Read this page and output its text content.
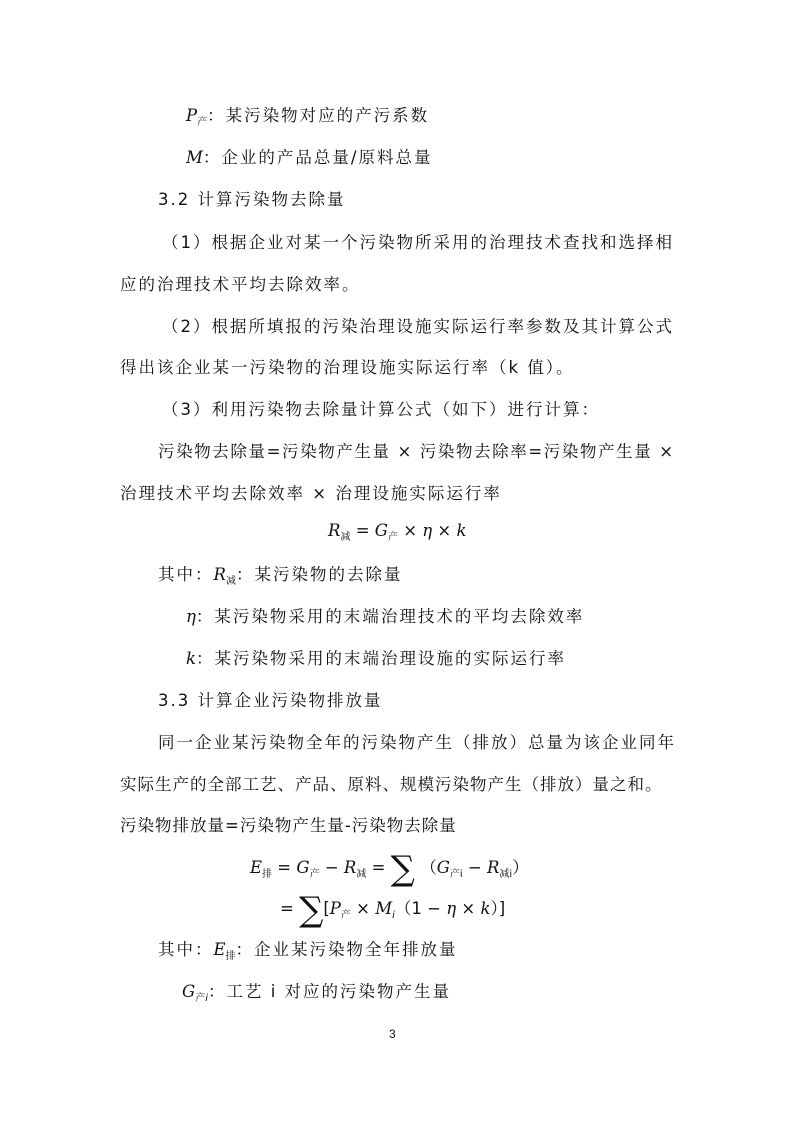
$P_产$：某污染物对应的产污系数
M：企业的产品总量/原料总量
3.2 计算污染物去除量
（1）根据企业对某一个污染物所采用的治理技术查找和选择相
应的治理技术平均去除效率。
（2）根据所填报的污染治理设施实际运行率参数及其计算公式
得出该企业某一污染物的治理设施实际运行率（k 值）。
（3）利用污染物去除量计算公式（如下）进行计算：
污染物去除量=污染物产生量 × 污染物去除率=污染物产生量 ×
治理技术平均去除效率 × 治理设施实际运行率
$R_减 = G_产 \times \eta \times k$
其中：$R_减$：某污染物的去除量
η：某污染物采用的末端治理技术的平均去除效率
k：某污染物采用的末端治理设施的实际运行率
3.3 计算企业污染物排放量
同一企业某污染物全年的污染物产生（排放）总量为该企业同年
实际生产的全部工艺、产品、原料、规模污染物产生（排放）量之和。
污染物排放量=污染物产生量-污染物去除量
$E_排 = G_产 - R_减$ = ∑ $(G_{产i} - R_{减i})$
= $\sum[P_产 \times M_i(1 - \eta \times k)]$
其中：$E_排$：企业某污染物全年排放量
$G_{产i}$：工艺 i 对应的污染物产生量
3
